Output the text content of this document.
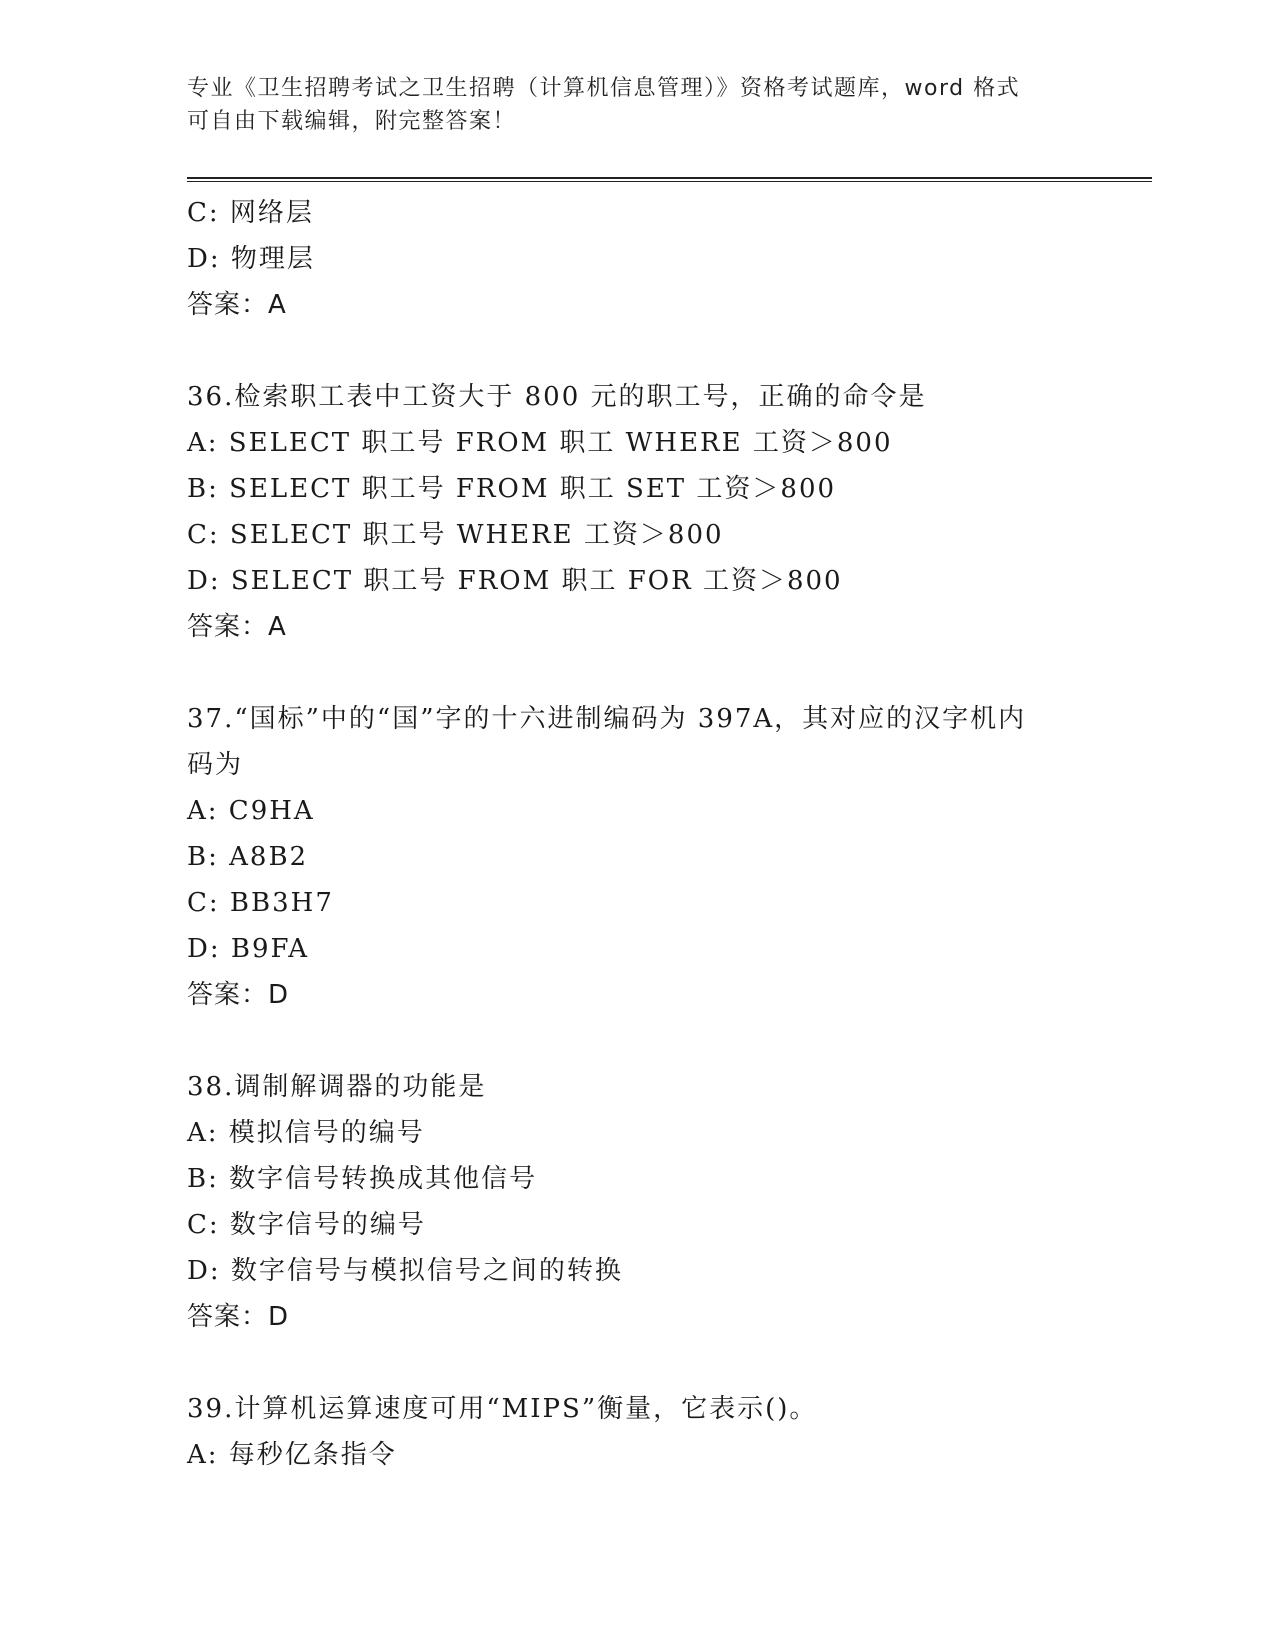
专业《卫生招聘考试之卫生招聘（计算机信息管理）》资格考试题库，word 格式
可自由下载编辑，附完整答案！
C: 网络层
D: 物理层
答案：A
36.检索职工表中工资大于 800 元的职工号，正确的命令是
A: SELECT 职工号 FROM 职工 WHERE 工资＞800
B: SELECT 职工号 FROM 职工 SET 工资＞800
C: SELECT 职工号 WHERE 工资＞800
D: SELECT 职工号 FROM 职工 FOR 工资＞800
答案：A
37.“国标”中的“国”字的十六进制编码为 397A，其对应的汉字机内码为
A: C9HA
B: A8B2
C: BB3H7
D: B9FA
答案：D
38.调制解调器的功能是
A: 模拟信号的编号
B: 数字信号转换成其他信号
C: 数字信号的编号
D: 数字信号与模拟信号之间的转换
答案：D
39.计算机运算速度可用“MIPS”衡量，它表示()。
A: 每秒亿条指令
